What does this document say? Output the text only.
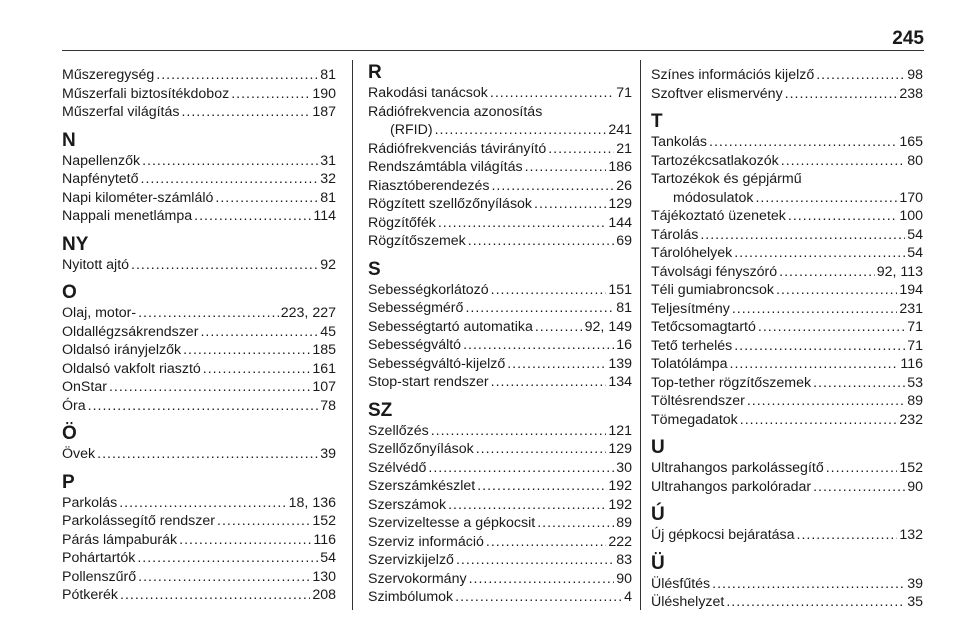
245
Műszeregység .....	81
Műszerfali biztosítékdoboz .....	190
Műszerfal világítás .....	187
N
Napellenzők .....	31
Napfénytető .....	32
Napi kilométer-számláló .....	81
Nappali menetlámpa .....	114
NY
Nyitott ajtó .....	92
O
Olaj, motor- .....	223, 227
Oldallégzsákrendszer .....	45
Oldalsó irányjelzők .....	185
Oldalsó vakfolt riasztó .....	161
OnStar .....	107
Óra .....	78
Ö
Övek .....	39
P
Parkolás .....	18, 136
Parkolássegítő rendszer .....	152
Párás lámpaburák .....	116
Pohártartók .....	54
Pollenszűrő .....	130
Pótkerék .....	208
R
Rakodási tanácsok .....	71
Rádiófrekvencia azonosítás
(RFID) .....	241
Rádiófrekvenciás távirányító .....	21
Rendszámtábla világítás .....	186
Riasztóberendezés .....	26
Rögzített szellőzőnyílások .....	129
Rögzítőfék .....	144
Rögzítőszemek .....	69
S
Sebességkorlátozó .....	151
Sebességmérő .....	81
Sebességtartó automatika .....	92, 149
Sebességváltó .....	16
Sebességváltó-kijelző .....	139
Stop-start rendszer .....	134
SZ
Szellőzés .....	121
Szellőzőnyílások .....	129
Szélvédő .....	30
Szerszámkészlet .....	192
Szerszámok .....	192
Szervizeltesse a gépkocsit .....	89
Szerviz információ .....	222
Szervizkijelző .....	83
Szervokormány .....	90
Szimbólumok .....	4
Színes információs kijelző .....	98
Szoftver elismervény .....	238
T
Tankolás .....	165
Tartozékcsatlakozók .....	80
Tartozékok és gépjármű
módosulatok .....	170
Tájékoztató üzenetek .....	100
Tárolás .....	54
Tárolóhelyek .....	54
Távolsági fényszóró .....	92, 113
Téli gumiabroncsok .....	194
Teljesítmény .....	231
Tetőcsomagtartó .....	71
Tető terhelés .....	71
Tolatólámpa .....	116
Top-tether rögzítőszemek .....	53
Töltésrendszer .....	89
Tömegadatok .....	232
U
Ultrahangos parkolássegítő .....	152
Ultrahangos parkolóradar .....	90
Ú
Új gépkocsi bejáratása .....	132
Ü
Ülésfűtés .....	39
Üléshelyzet .....	35
